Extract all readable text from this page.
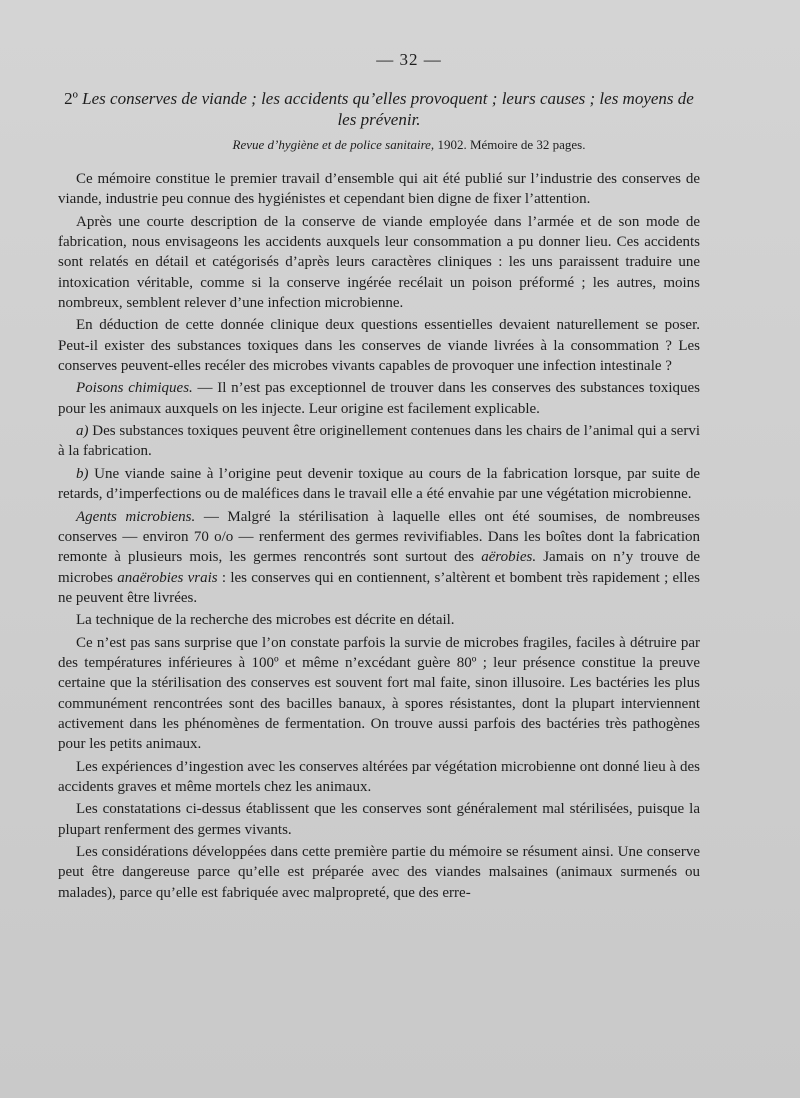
— 32 —
2º Les conserves de viande ; les accidents qu’elles provoquent ; leurs causes ; les moyens de les prévenir.
Revue d’hygiène et de police sanitaire, 1902. Mémoire de 32 pages.

Ce mémoire constitue le premier travail d’ensemble qui ait été publié sur l’industrie des conserves de viande, industrie peu connue des hygiénistes et cependant bien digne de fixer l’attention.

Après une courte description de la conserve de viande employée dans l’armée et de son mode de fabrication, nous envisageons les accidents auxquels leur consommation a pu donner lieu. Ces accidents sont relatés en détail et catégorisés d’après leurs caractères cliniques : les uns paraissent traduire une intoxication véritable, comme si la conserve ingérée recélait un poison préformé ; les autres, moins nombreux, semblent relever d’une infection microbienne.

En déduction de cette donnée clinique deux questions essentielles devaient naturellement se poser. Peut-il exister des substances toxiques dans les conserves de viande livrées à la consommation ? Les conserves peuvent-elles recéler des microbes vivants capables de provoquer une infection intestinale ?

Poisons chimiques. — Il n’est pas exceptionnel de trouver dans les conserves des substances toxiques pour les animaux auxquels on les injecte. Leur origine est facilement explicable.

a) Des substances toxiques peuvent être originellement contenues dans les chairs de l’animal qui a servi à la fabrication.

b) Une viande saine à l’origine peut devenir toxique au cours de la fabrication lorsque, par suite de retards, d’imperfections ou de maléfices dans le travail elle a été envahie par une végétation microbienne.

Agents microbiens. — Malgré la stérilisation à laquelle elles ont été soumises, de nombreuses conserves — environ 70 o/o — renferment des germes revivifiables. Dans les boîtes dont la fabrication remonte à plusieurs mois, les germes rencontrés sont surtout des aërobies. Jamais on n’y trouve de microbes anaërobies vrais : les conserves qui en contiennent, s’altèrent et bombent très rapidement ; elles ne peuvent être livrées.

La technique de la recherche des microbes est décrite en détail.

Ce n’est pas sans surprise que l’on constate parfois la survie de microbes fragiles, faciles à détruire par des températures inférieures à 100º et même n’excédant guère 80º ; leur présence constitue la preuve certaine que la stérilisation des conserves est souvent fort mal faite, sinon illusoire. Les bactéries les plus communément rencontrées sont des bacilles banaux, à spores résistantes, dont la plupart interviennent activement dans les phénomènes de fermentation. On trouve aussi parfois des bactéries très pathogènes pour les petits animaux.

Les expériences d’ingestion avec les conserves altérées par végétation microbienne ont donné lieu à des accidents graves et même mortels chez les animaux.

Les constatations ci-dessus établissent que les conserves sont généralement mal stérilisées, puisque la plupart renferment des germes vivants.

Les considérations développées dans cette première partie du mémoire se résument ainsi. Une conserve peut être dangereuse parce qu’elle est préparée avec des viandes malsaines (animaux surmenés ou malades), parce qu’elle est fabriquée avec malpropreté, que des erre-
